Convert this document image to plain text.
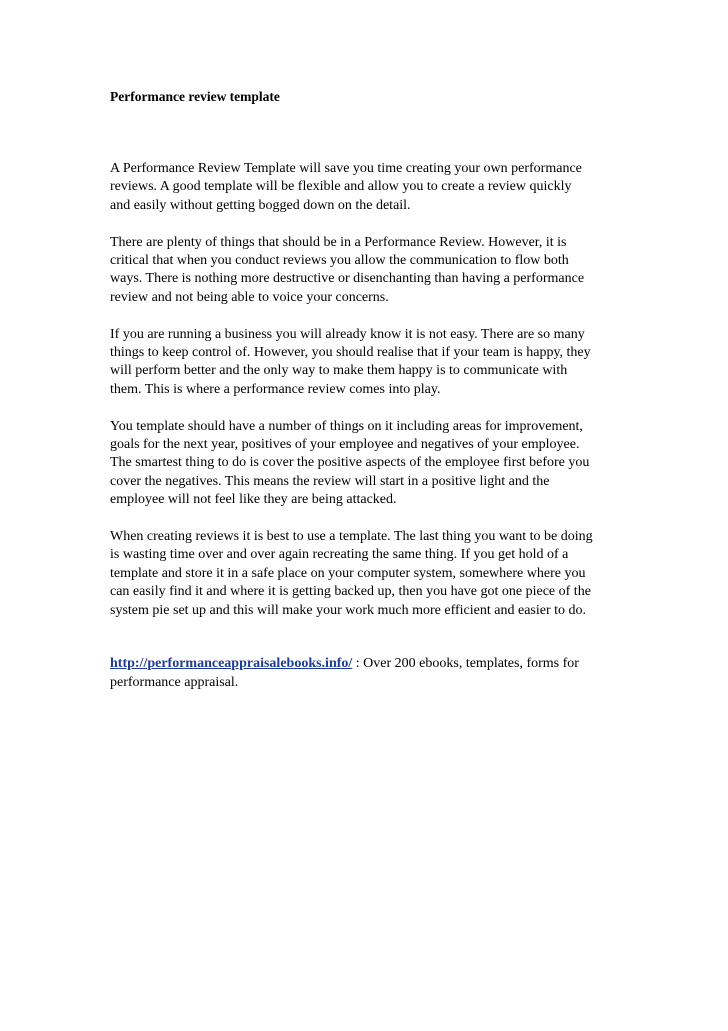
Performance review template

A Performance Review Template will save you time creating your own performance
reviews. A good template will be flexible and allow you to create a review quickly
and easily without getting bogged down on the detail.

There are plenty of things that should be in a Performance Review. However, it is
critical that when you conduct reviews you allow the communication to flow both
ways. There is nothing more destructive or disenchanting than having a performance
review and not being able to voice your concerns.

If you are running a business you will already know it is not easy. There are so many
things to keep control of. However, you should realise that if your team is happy, they
will perform better and the only way to make them happy is to communicate with
them. This is where a performance review comes into play.

You template should have a number of things on it including areas for improvement,
goals for the next year, positives of your employee and negatives of your employee.
The smartest thing to do is cover the positive aspects of the employee first before you
cover the negatives. This means the review will start in a positive light and the
employee will not feel like they are being attacked.

When creating reviews it is best to use a template. The last thing you want to be doing
is wasting time over and over again recreating the same thing. If you get hold of a
template and store it in a safe place on your computer system, somewhere where you
can easily find it and where it is getting backed up, then you have got one piece of the
system pie set up and this will make your work much more efficient and easier to do.

http://performanceappraisalebooks.info/ : Over 200 ebooks, templates, forms for
performance appraisal.
